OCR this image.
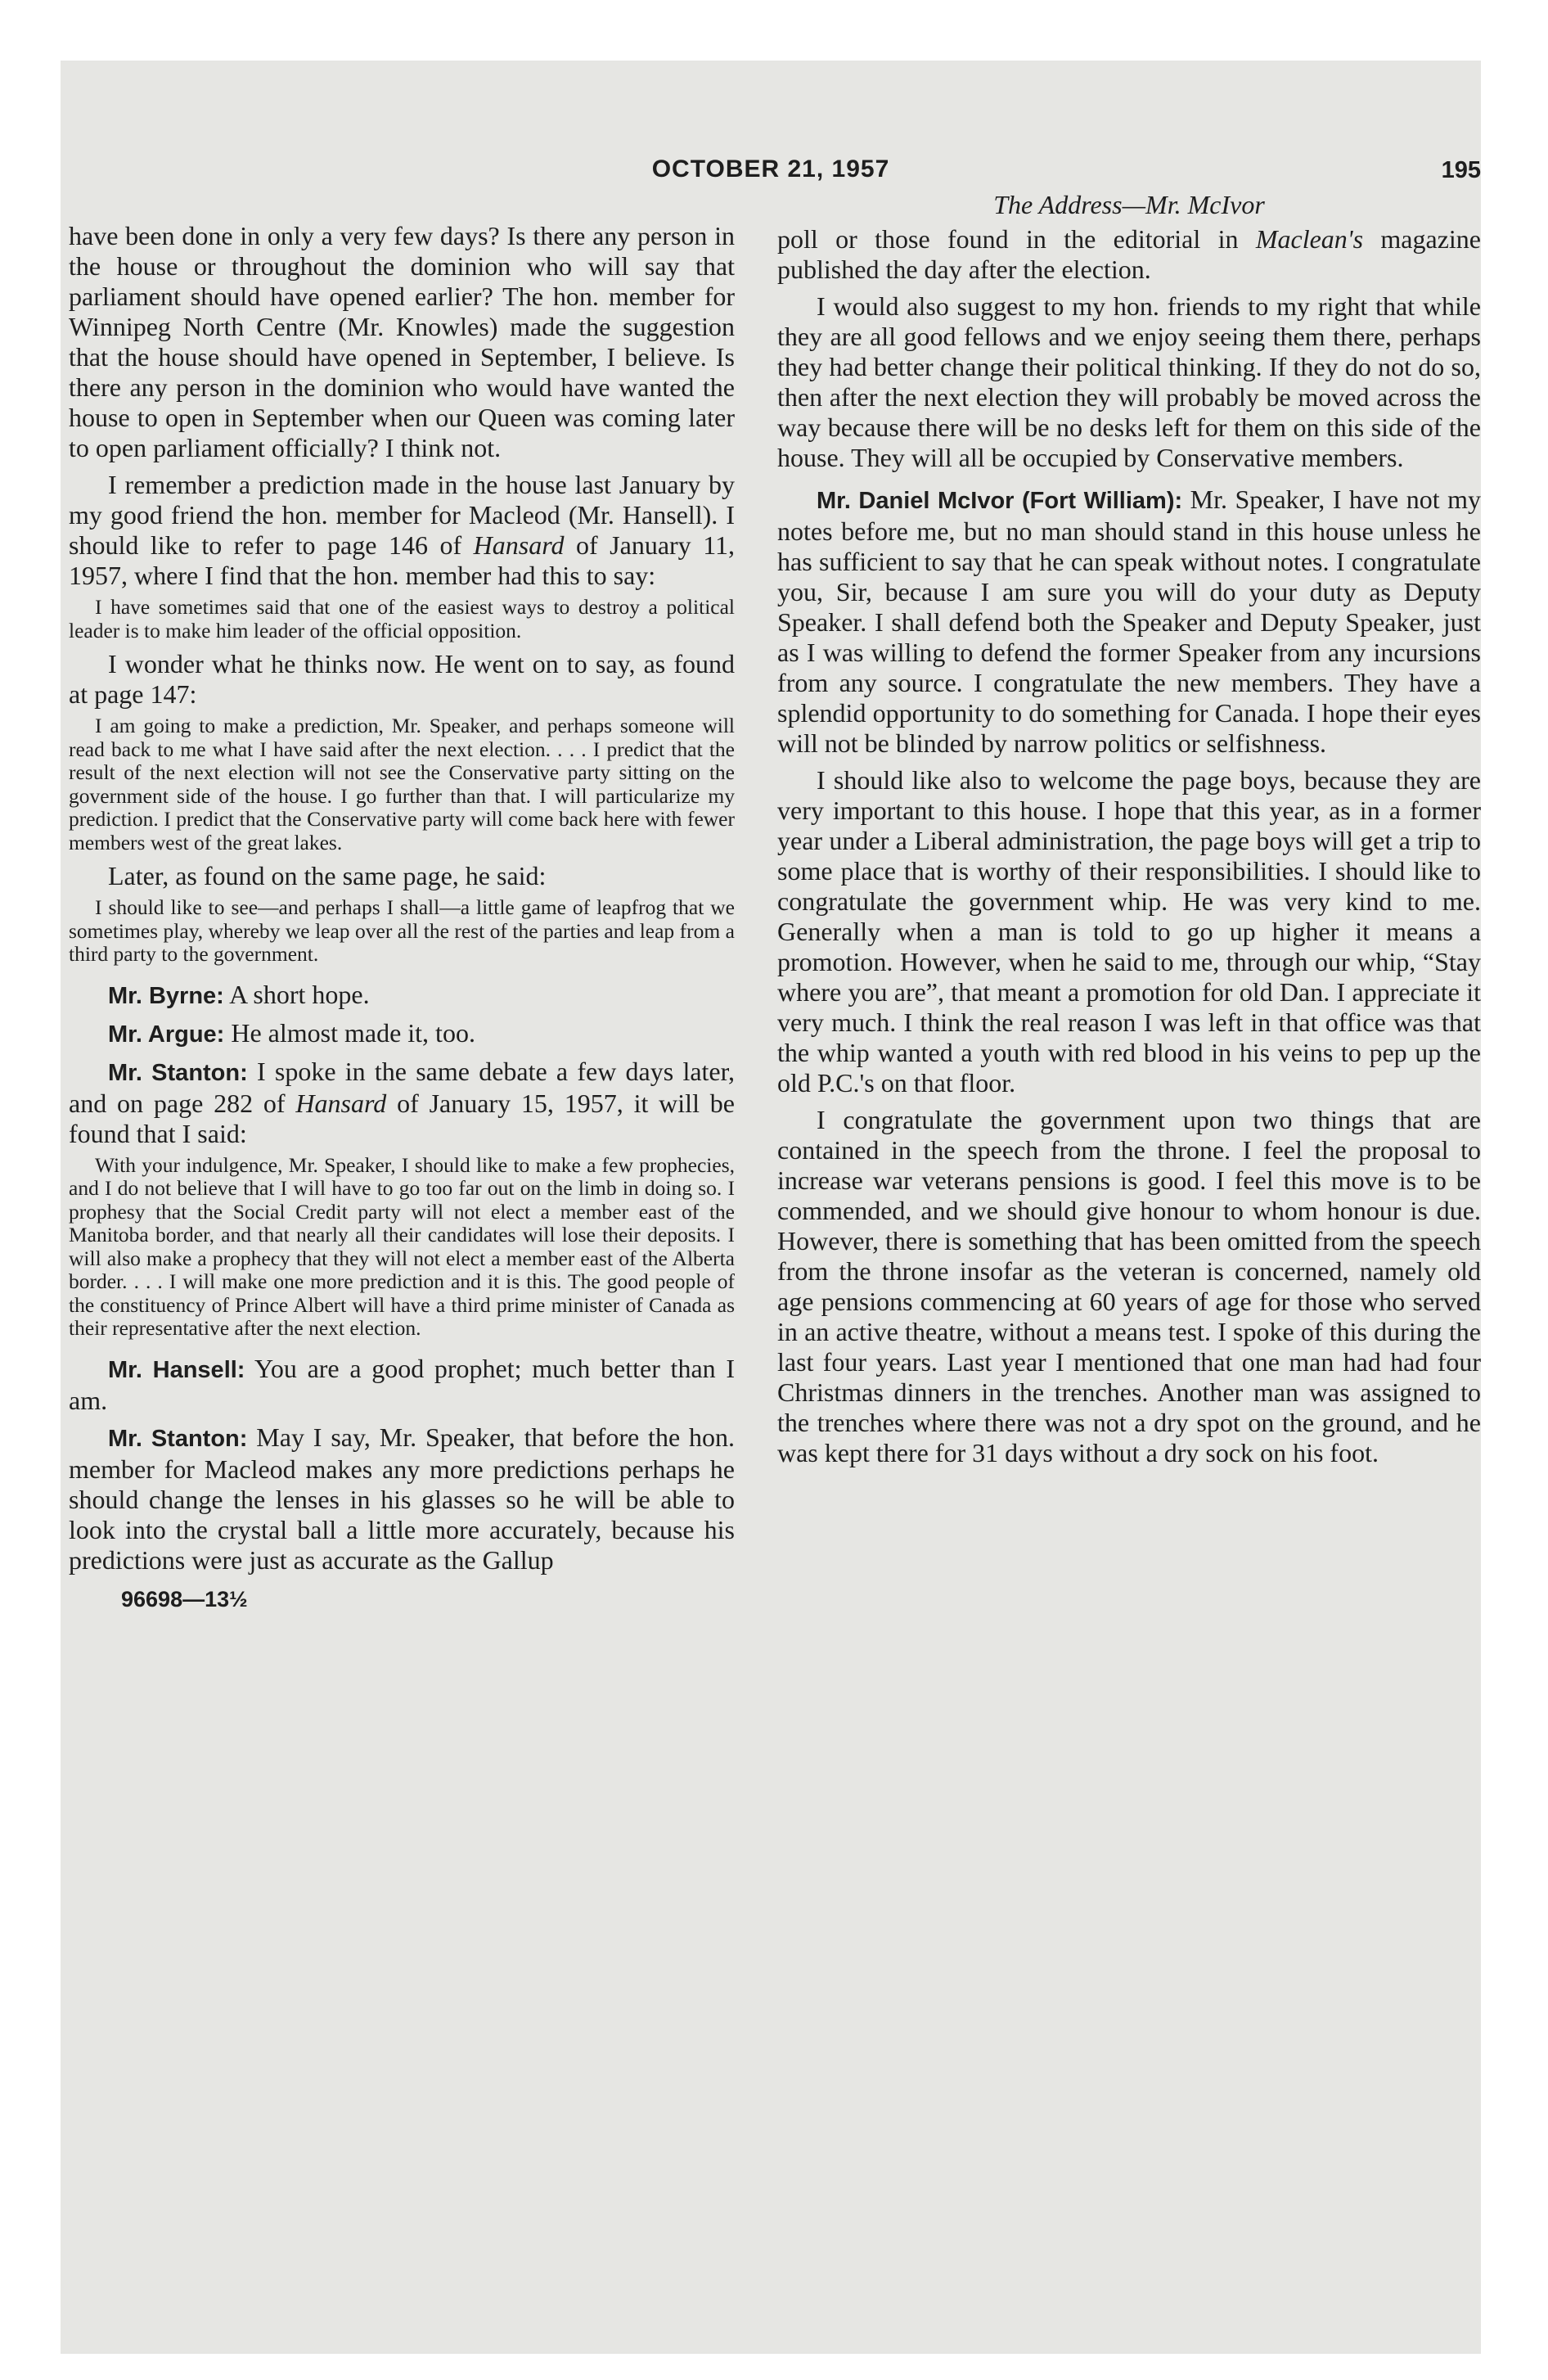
OCTOBER 21, 1957	195
The Address—Mr. McIvor

have been done in only a very few days? Is there any person in the house or throughout the dominion who will say that parliament should have opened earlier? The hon. member for Winnipeg North Centre (Mr. Knowles) made the suggestion that the house should have opened in September, I believe. Is there any person in the dominion who would have wanted the house to open in September when our Queen was coming later to open parliament officially? I think not.

I remember a prediction made in the house last January by my good friend the hon. member for Macleod (Mr. Hansell). I should like to refer to page 146 of Hansard of January 11, 1957, where I find that the hon. member had this to say:

I have sometimes said that one of the easiest ways to destroy a political leader is to make him leader of the official opposition.

I wonder what he thinks now. He went on to say, as found at page 147:

I am going to make a prediction, Mr. Speaker, and perhaps someone will read back to me what I have said after the next election. . . . I predict that the result of the next election will not see the Conservative party sitting on the government side of the house. I go further than that. I will particularize my prediction. I predict that the Conservative party will come back here with fewer members west of the great lakes.

Later, as found on the same page, he said:

I should like to see—and perhaps I shall—a little game of leapfrog that we sometimes play, whereby we leap over all the rest of the parties and leap from a third party to the government.

Mr. Byrne: A short hope.

Mr. Argue: He almost made it, too.

Mr. Stanton: I spoke in the same debate a few days later, and on page 282 of Hansard of January 15, 1957, it will be found that I said:

With your indulgence, Mr. Speaker, I should like to make a few prophecies, and I do not believe that I will have to go too far out on the limb in doing so. I prophesy that the Social Credit party will not elect a member east of the Manitoba border, and that nearly all their candidates will lose their deposits. I will also make a prophecy that they will not elect a member east of the Alberta border. . . . I will make one more prediction and it is this. The good people of the constituency of Prince Albert will have a third prime minister of Canada as their representative after the next election.

Mr. Hansell: You are a good prophet; much better than I am.

Mr. Stanton: May I say, Mr. Speaker, that before the hon. member for Macleod makes any more predictions perhaps he should change the lenses in his glasses so he will be able to look into the crystal ball a little more accurately, because his predictions were just as accurate as the Gallup

96698—13½

poll or those found in the editorial in Maclean's magazine published the day after the election.

I would also suggest to my hon. friends to my right that while they are all good fellows and we enjoy seeing them there, perhaps they had better change their political thinking. If they do not do so, then after the next election they will probably be moved across the way because there will be no desks left for them on this side of the house. They will all be occupied by Conservative members.

Mr. Daniel McIvor (Fort William): Mr. Speaker, I have not my notes before me, but no man should stand in this house unless he has sufficient to say that he can speak without notes. I congratulate you, Sir, because I am sure you will do your duty as Deputy Speaker. I shall defend both the Speaker and Deputy Speaker, just as I was willing to defend the former Speaker from any incursions from any source. I congratulate the new members. They have a splendid opportunity to do something for Canada. I hope their eyes will not be blinded by narrow politics or selfishness.

I should like also to welcome the page boys, because they are very important to this house. I hope that this year, as in a former year under a Liberal administration, the page boys will get a trip to some place that is worthy of their responsibilities. I should like to congratulate the government whip. He was very kind to me. Generally when a man is told to go up higher it means a promotion. However, when he said to me, through our whip, “Stay where you are”, that meant a promotion for old Dan. I appreciate it very much. I think the real reason I was left in that office was that the whip wanted a youth with red blood in his veins to pep up the old P.C.'s on that floor.

I congratulate the government upon two things that are contained in the speech from the throne. I feel the proposal to increase war veterans pensions is good. I feel this move is to be commended, and we should give honour to whom honour is due. However, there is something that has been omitted from the speech from the throne insofar as the veteran is concerned, namely old age pensions commencing at 60 years of age for those who served in an active theatre, without a means test. I spoke of this during the last four years. Last year I mentioned that one man had had four Christmas dinners in the trenches. Another man was assigned to the trenches where there was not a dry spot on the ground, and he was kept there for 31 days without a dry sock on his foot.
